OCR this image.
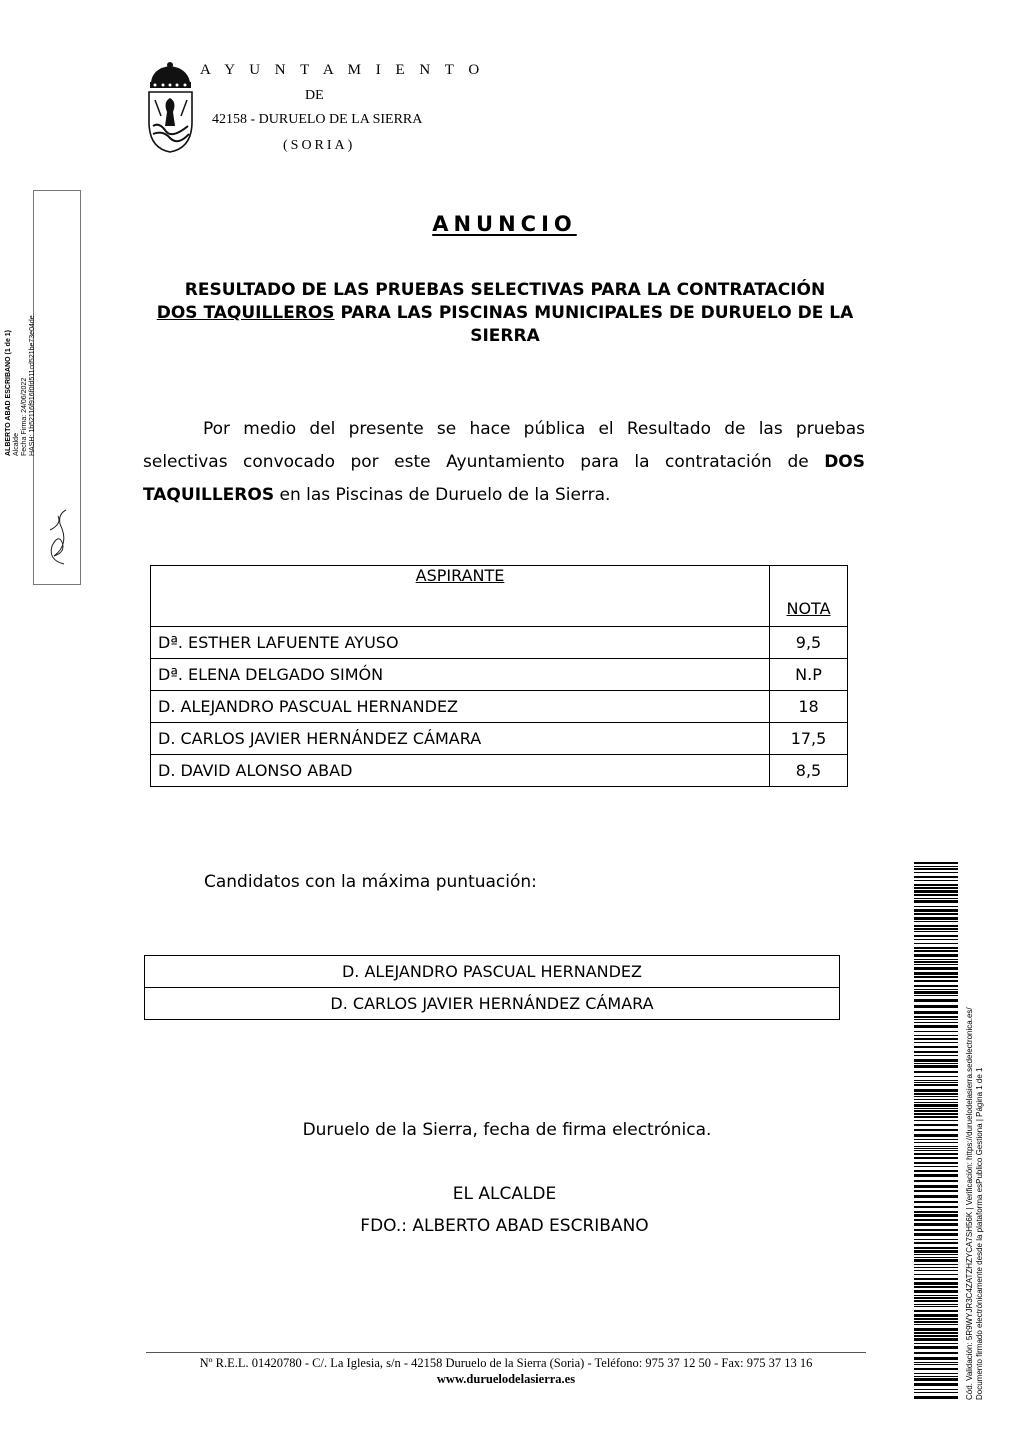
A Y U N T A M I E N T O
DE
42158 - DURUELO DE LA SIERRA
(SORIA)
ALBERTO ABAD ESCRIBANO (1 de 1) Alcalde Fecha Firma: 24/06/2022 HASH: 1b52116f916f0fd511cd521be73e04de
ANUNCIO
RESULTADO DE LAS PRUEBAS SELECTIVAS PARA LA CONTRATACIÓN
DOS TAQUILLEROS PARA LAS PISCINAS MUNICIPALES DE DURUELO DE LA SIERRA
Por medio del presente se hace pública el Resultado de las pruebas selectivas convocado por este Ayuntamiento para la contratación de DOS TAQUILLEROS en las Piscinas de Duruelo de la Sierra.
ASPIRANTE	NOTA
Dª. ESTHER LAFUENTE AYUSO	9,5
Dª. ELENA DELGADO SIMÓN	N.P
D. ALEJANDRO PASCUAL HERNANDEZ	18
D. CARLOS JAVIER HERNÁNDEZ CÁMARA	17,5
D. DAVID ALONSO ABAD	8,5
Candidatos con la máxima puntuación:
D. ALEJANDRO PASCUAL HERNANDEZ
D. CARLOS JAVIER HERNÁNDEZ CÁMARA
Duruelo de la Sierra, fecha de firma electrónica.
EL ALCALDE
FDO.: ALBERTO ABAD ESCRIBANO
Nº R.E.L. 01420780 - C/. La Iglesia, s/n - 42158 Duruelo de la Sierra (Soria) - Teléfono: 975 37 12 50 - Fax: 975 37 13 16
www.duruelodelasierra.es	Cód. Validación: 5R9WYJR3C4ZATZHZYCA7SH56K | Verificación: https://duruelodelasierra.sedelectronica.es/ Documento firmado electrónicamente desde la plataforma esPublico Gestiona | Página 1 de 1
